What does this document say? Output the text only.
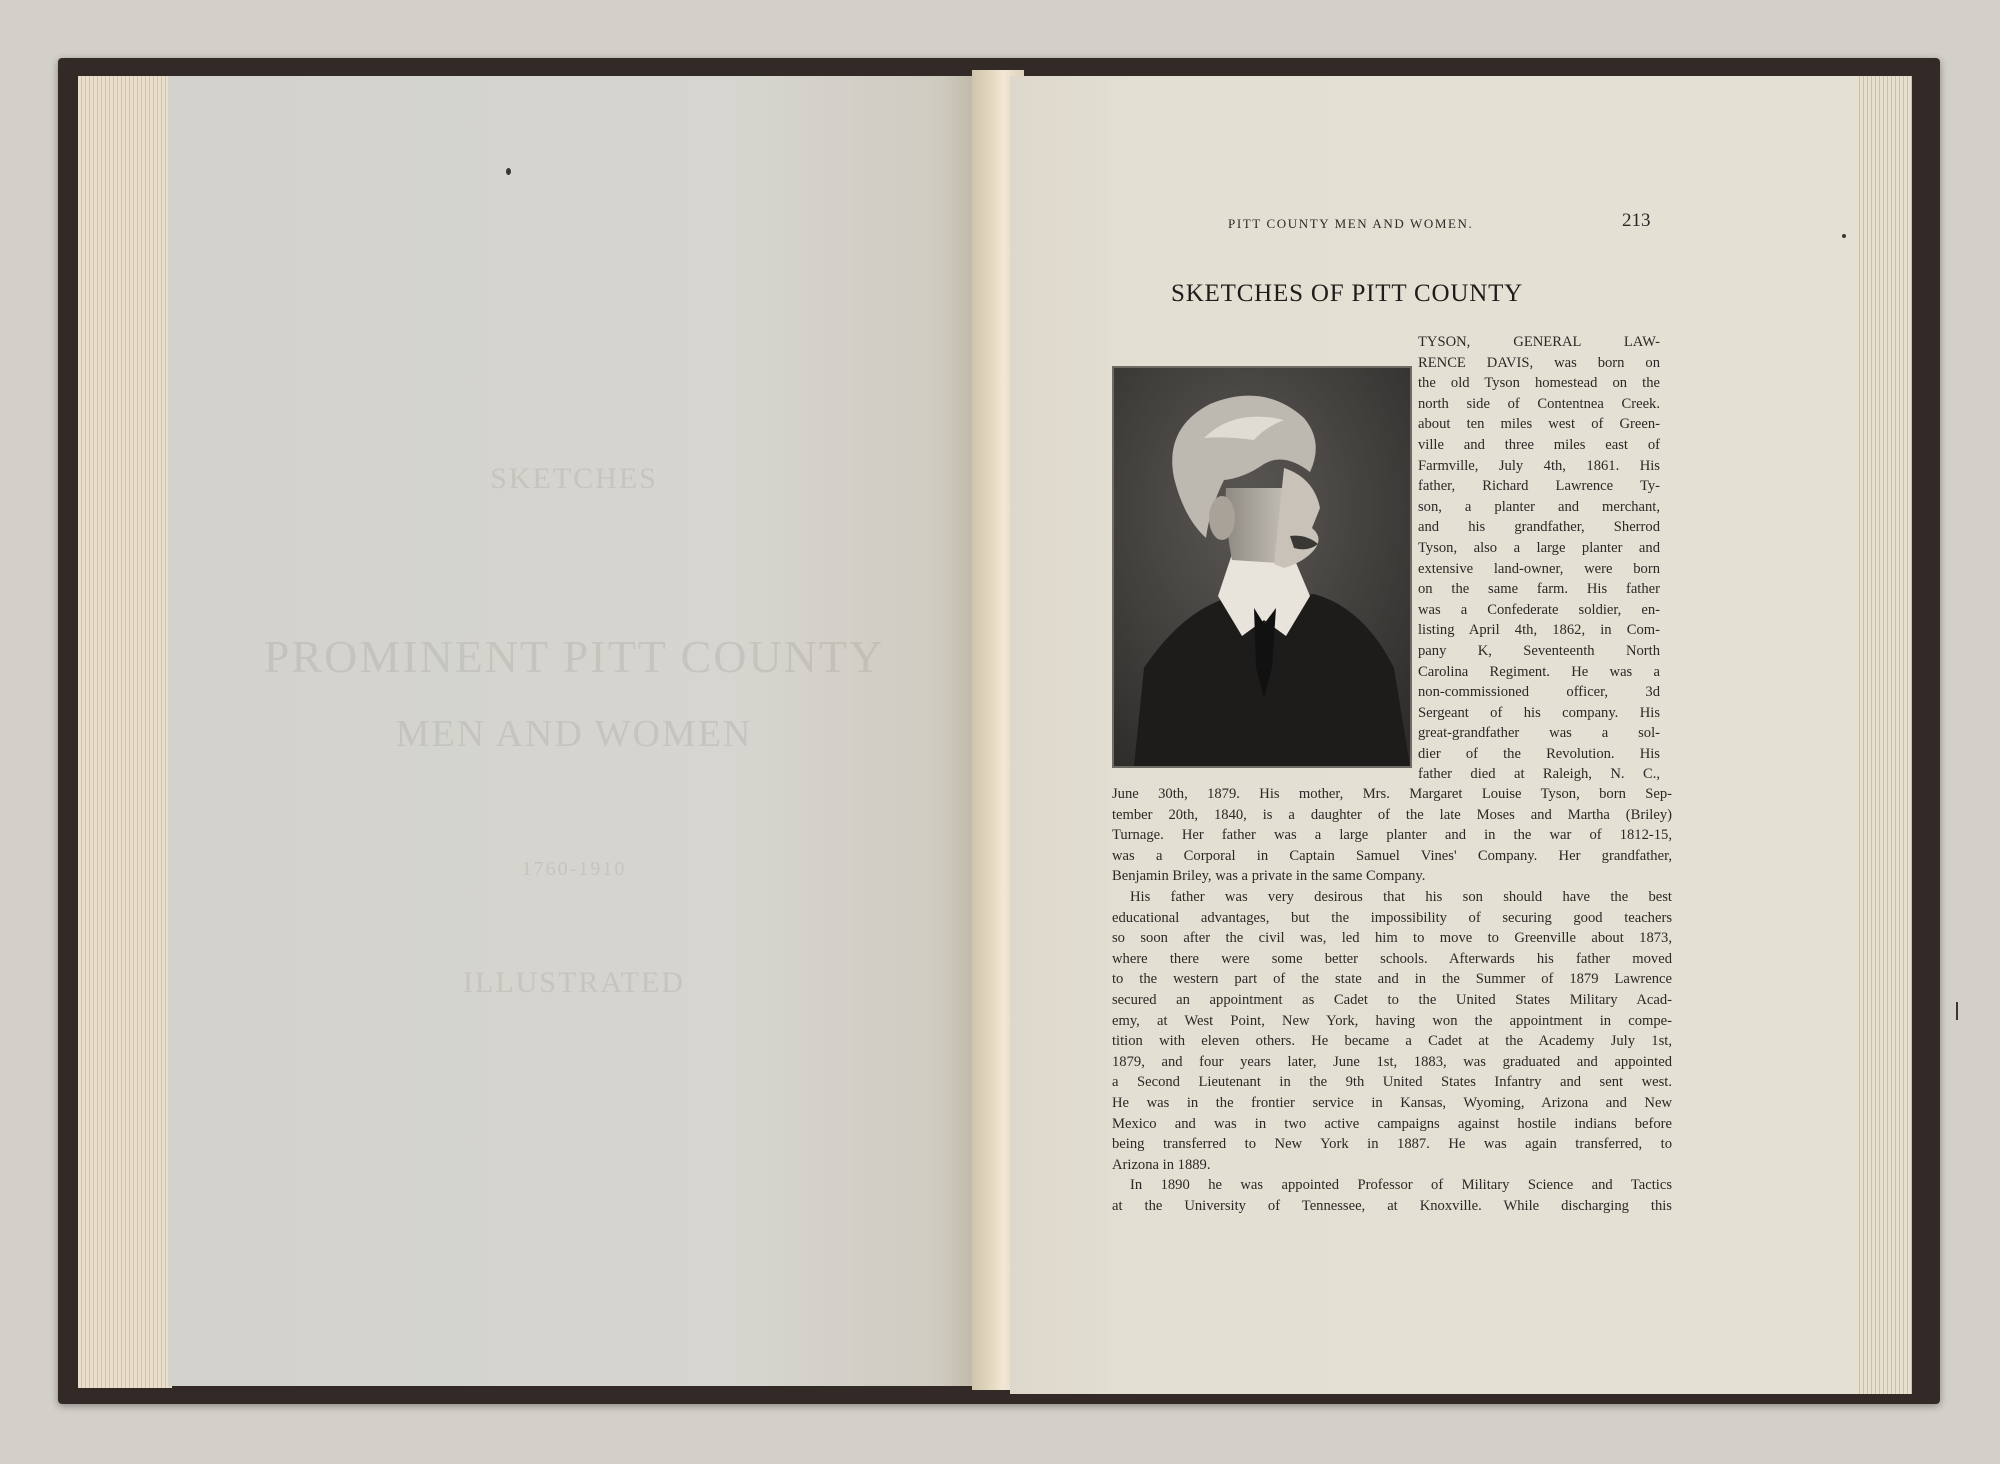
SKETCHES
PROMINENT PITT COUNTY
MEN AND WOMEN
1760-1910
ILLUSTRATED
PITT COUNTY MEN AND WOMEN.	213
SKETCHES OF PITT COUNTY
TYSON, GENERAL LAW-
RENCE DAVIS, was born on
the old Tyson homestead on the
north side of Contentnea Creek.
about ten miles west of Green-
ville and three miles east of
Farmville, July 4th, 1861. His
father, Richard Lawrence Ty-
son, a planter and merchant,
and his grandfather, Sherrod
Tyson, also a large planter and
extensive land-owner, were born
on the same farm. His father
was a Confederate soldier, en-
listing April 4th, 1862, in Com-
pany K, Seventeenth North
Carolina Regiment. He was a
non-commissioned officer, 3d
Sergeant of his company. His
great-grandfather was a sol-
dier of the Revolution. His
father died at Raleigh, N. C.,
June 30th, 1879. His mother, Mrs. Margaret Louise Tyson, born Sep-
tember 20th, 1840, is a daughter of the late Moses and Martha (Briley)
Turnage. Her father was a large planter and in the war of 1812-15,
was a Corporal in Captain Samuel Vines' Company. Her grandfather,
Benjamin Briley, was a private in the same Company.
His father was very desirous that his son should have the best
educational advantages, but the impossibility of securing good teachers
so soon after the civil was, led him to move to Greenville about 1873,
where there were some better schools. Afterwards his father moved
to the western part of the state and in the Summer of 1879 Lawrence
secured an appointment as Cadet to the United States Military Acad-
emy, at West Point, New York, having won the appointment in compe-
tition with eleven others. He became a Cadet at the Academy July 1st,
1879, and four years later, June 1st, 1883, was graduated and appointed
a Second Lieutenant in the 9th United States Infantry and sent west.
He was in the frontier service in Kansas, Wyoming, Arizona and New
Mexico and was in two active campaigns against hostile indians before
being transferred to New York in 1887. He was again transferred, to
Arizona in 1889.
In 1890 he was appointed Professor of Military Science and Tactics
at the University of Tennessee, at Knoxville. While discharging this
